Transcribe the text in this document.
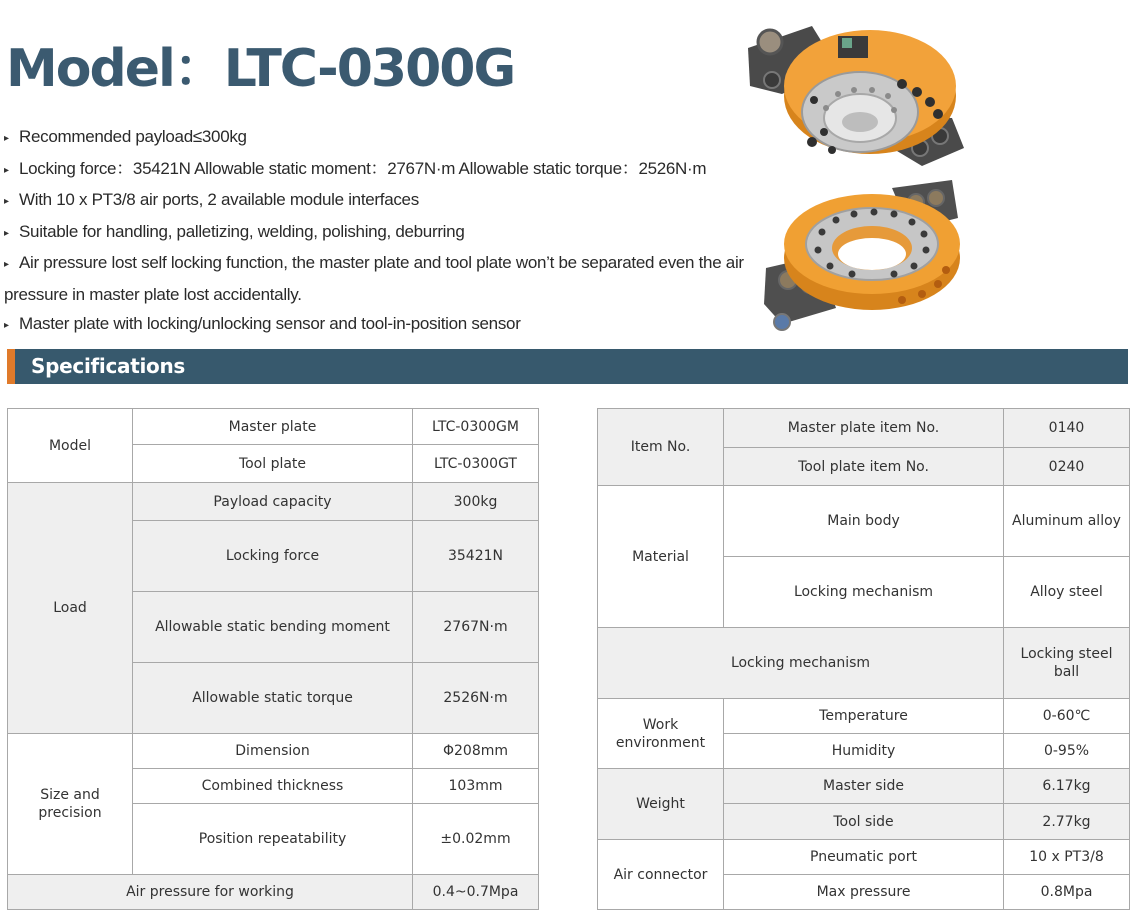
Model：LTC-0300G
▸ Recommended payload≤300kg
▸ Locking force：35421N Allowable static moment：2767N·m Allowable static torque：2526N·m
▸ With 10 x PT3/8 air ports, 2 available module interfaces
▸ Suitable for handling, palletizing, welding, polishing, deburring
▸ Air pressure lost self locking function, the master plate and tool plate won’t be separated even the air pressure in master plate lost accidentally.
▸ Master plate with locking/unlocking sensor and tool-in-position sensor
Specifications
Model	Master plate	LTC-0300GM
	Tool plate	LTC-0300GT
Load	Payload capacity	300kg
	Locking force	35421N
	Allowable static bending moment	2767N·m
	Allowable static torque	2526N·m
Size and precision	Dimension	Φ208mm
	Combined thickness	103mm
	Position repeatability	±0.02mm
Air pressure for working		0.4~0.7Mpa
Item No.	Master plate item No.	0140
	Tool plate item No.	0240
Material	Main body	Aluminum alloy
	Locking mechanism	Alloy steel
Locking mechanism		Locking steel ball
Work environment	Temperature	0-60℃
	Humidity	0-95%
Weight	Master side	6.17kg
	Tool side	2.77kg
Air connector	Pneumatic port	10 x PT3/8
	Max pressure	0.8Mpa
